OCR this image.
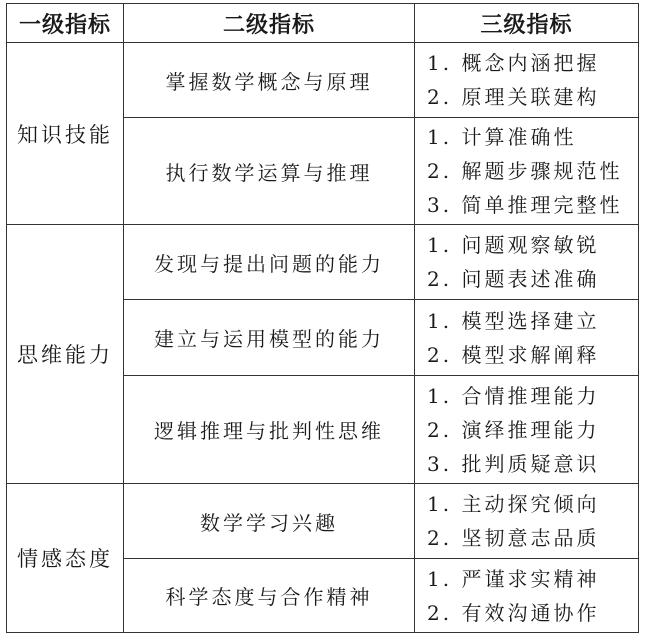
一级指标	二级指标	三级指标
知识技能	掌握数学概念与原理	1. 概念内涵把握
2. 原理关联建构

	执行数学运算与推理	1. 计算准确性
2. 解题步骤规范性
3. 简单推理完整性

思维能力	发现与提出问题的能力	1. 问题观察敏锐
2. 问题表述准确

	建立与运用模型的能力	1. 模型选择建立
2. 模型求解阐释

	逻辑推理与批判性思维	1. 合情推理能力
2. 演绎推理能力
3. 批判质疑意识

情感态度	数学学习兴趣	1. 主动探究倾向
2. 坚韧意志品质

	科学态度与合作精神	1. 严谨求实精神
2. 有效沟通协作
